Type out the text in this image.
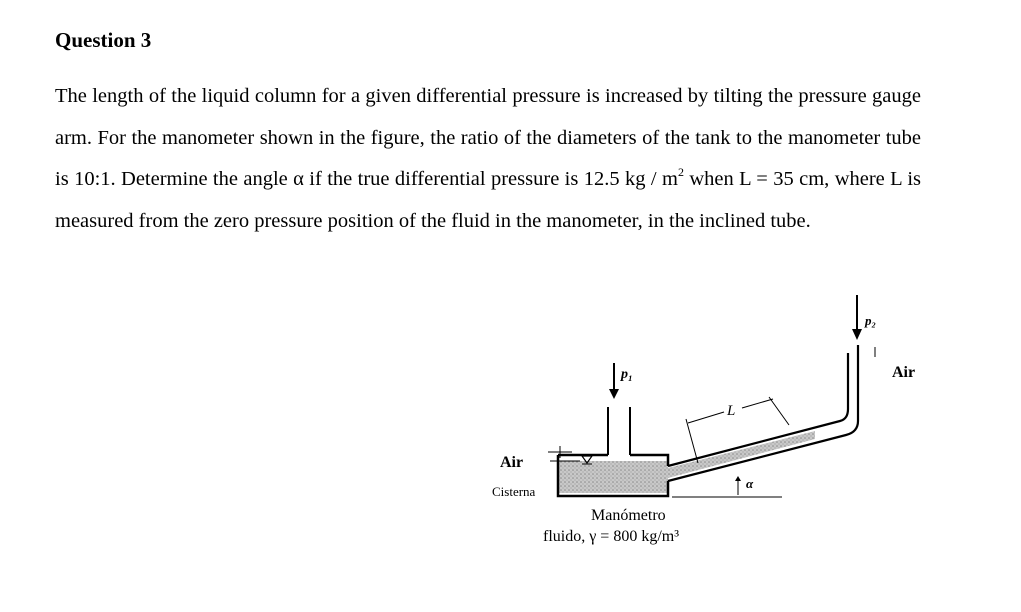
Question 3

The length of the liquid column for a given differential pressure is increased by tilting the pressure gauge arm. For the manometer shown in the figure, the ratio of the diameters of the tank to the manometer tube is 10:1. Determine the angle α if the true differential pressure is 12.5 kg / $m^2$ when L = 35 cm, where L is measured from the zero pressure position of the fluid in the manometer, in the inclined tube.

p₁
p₂
Air
L
α
Air
Cisterna
Manómetro
fluido, γ = 800 kg/m³
